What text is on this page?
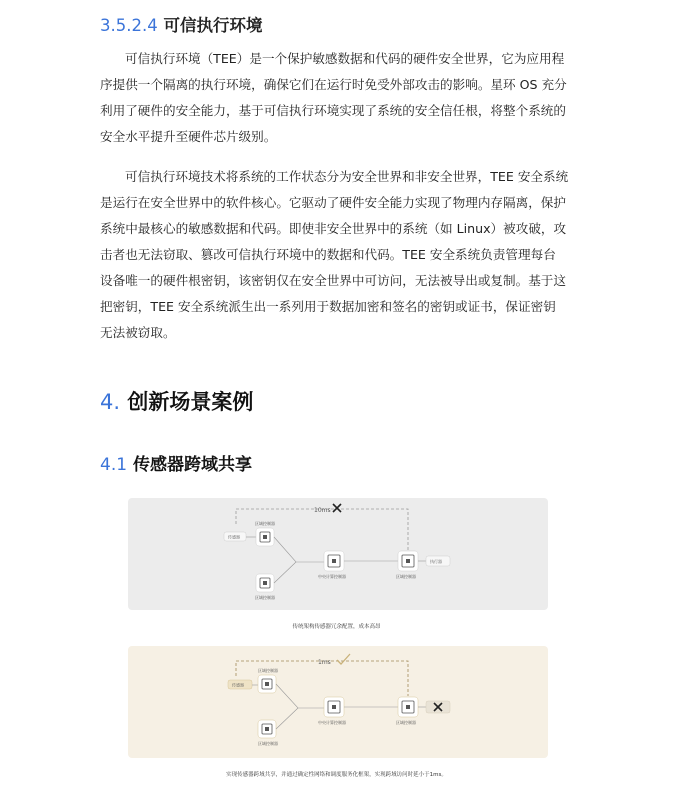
3.5.2.4 可信执行环境

可信执行环境（TEE）是一个保护敏感数据和代码的硬件安全世界，它为应用程
序提供一个隔离的执行环境，确保它们在运行时免受外部攻击的影响。星环 OS 充分
利用了硬件的安全能力，基于可信执行环境实现了系统的安全信任根，将整个系统的
安全水平提升至硬件芯片级别。

可信执行环境技术将系统的工作状态分为安全世界和非安全世界，TEE 安全系统
是运行在安全世界中的软件核心。它驱动了硬件安全能力实现了物理内存隔离，保护
系统中最核心的敏感数据和代码。即使非安全世界中的系统（如 Linux）被攻破，攻
击者也无法窃取、篡改可信执行环境中的数据和代码。TEE 安全系统负责管理每台
设备唯一的硬件根密钥，该密钥仅在安全世界中可访问，无法被导出或复制。基于这
把密钥，TEE 安全系统派生出一系列用于数据加密和签名的密钥或证书，保证密钥
无法被窃取。

4. 创新场景案例
4.1 传感器跨域共享
10ms
传感器
区域控制器
区域控制器
中央计算控制器	区域控制器
执行器
传统架构传感器冗余配置，成本高昂
1ms
传感器
区域控制器
区域控制器
中央计算控制器	区域控制器
实现传感器跨域共享，并通过确定性网络和调度服务化框架，实现跨域访问时延小于1ms。
